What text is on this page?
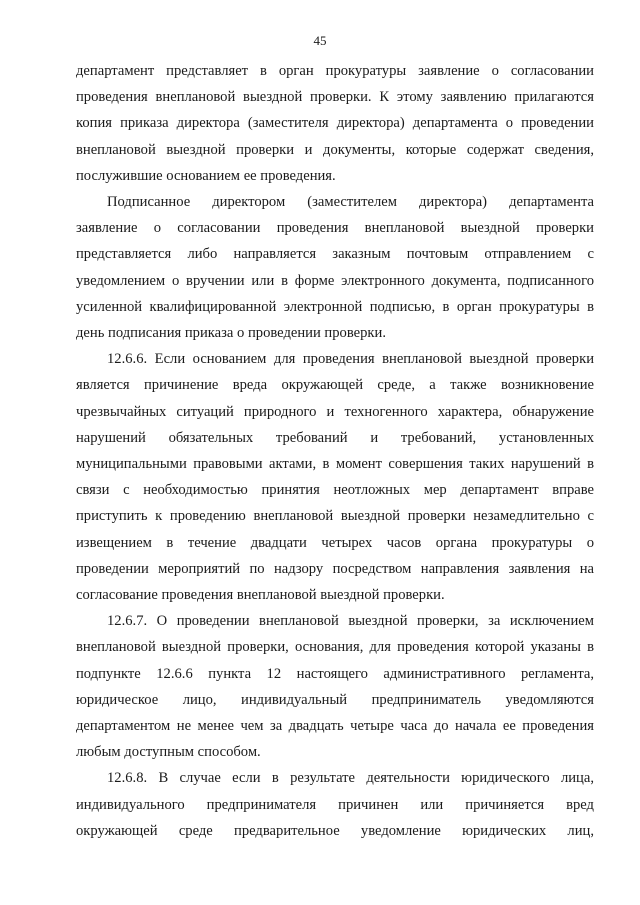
45
департамент представляет в орган прокуратуры заявление о согласовании
проведения внеплановой выездной проверки. К этому заявлению прилагаются
копия приказа директора (заместителя директора) департамента о проведении
внеплановой выездной проверки и документы, которые содержат сведения,
послужившие основанием ее проведения.
Подписанное директором (заместителем директора) департамента
заявление о согласовании проведения внеплановой выездной проверки
представляется либо направляется заказным почтовым отправлением с
уведомлением о вручении или в форме электронного документа, подписанного
усиленной квалифицированной электронной подписью, в орган прокуратуры в
день подписания приказа о проведении проверки.
12.6.6. Если основанием для проведения внеплановой выездной проверки
является причинение вреда окружающей среде, а также возникновение
чрезвычайных ситуаций природного и техногенного характера, обнаружение
нарушений обязательных требований и требований, установленных
муниципальными правовыми актами, в момент совершения таких нарушений в
связи с необходимостью принятия неотложных мер департамент вправе
приступить к проведению внеплановой выездной проверки незамедлительно с
извещением в течение двадцати четырех часов органа прокуратуры о
проведении мероприятий по надзору посредством направления заявления на
согласование проведения внеплановой выездной проверки.
12.6.7. О проведении внеплановой выездной проверки, за исключением
внеплановой выездной проверки, основания, для проведения которой указаны в
подпункте 12.6.6 пункта 12 настоящего административного регламента,
юридическое лицо, индивидуальный предприниматель уведомляются
департаментом не менее чем за двадцать четыре часа до начала ее проведения
любым доступным способом.
12.6.8. В случае если в результате деятельности юридического лица,
индивидуального предпринимателя причинен или причиняется вред
окружающей среде предварительное уведомление юридических лиц,
